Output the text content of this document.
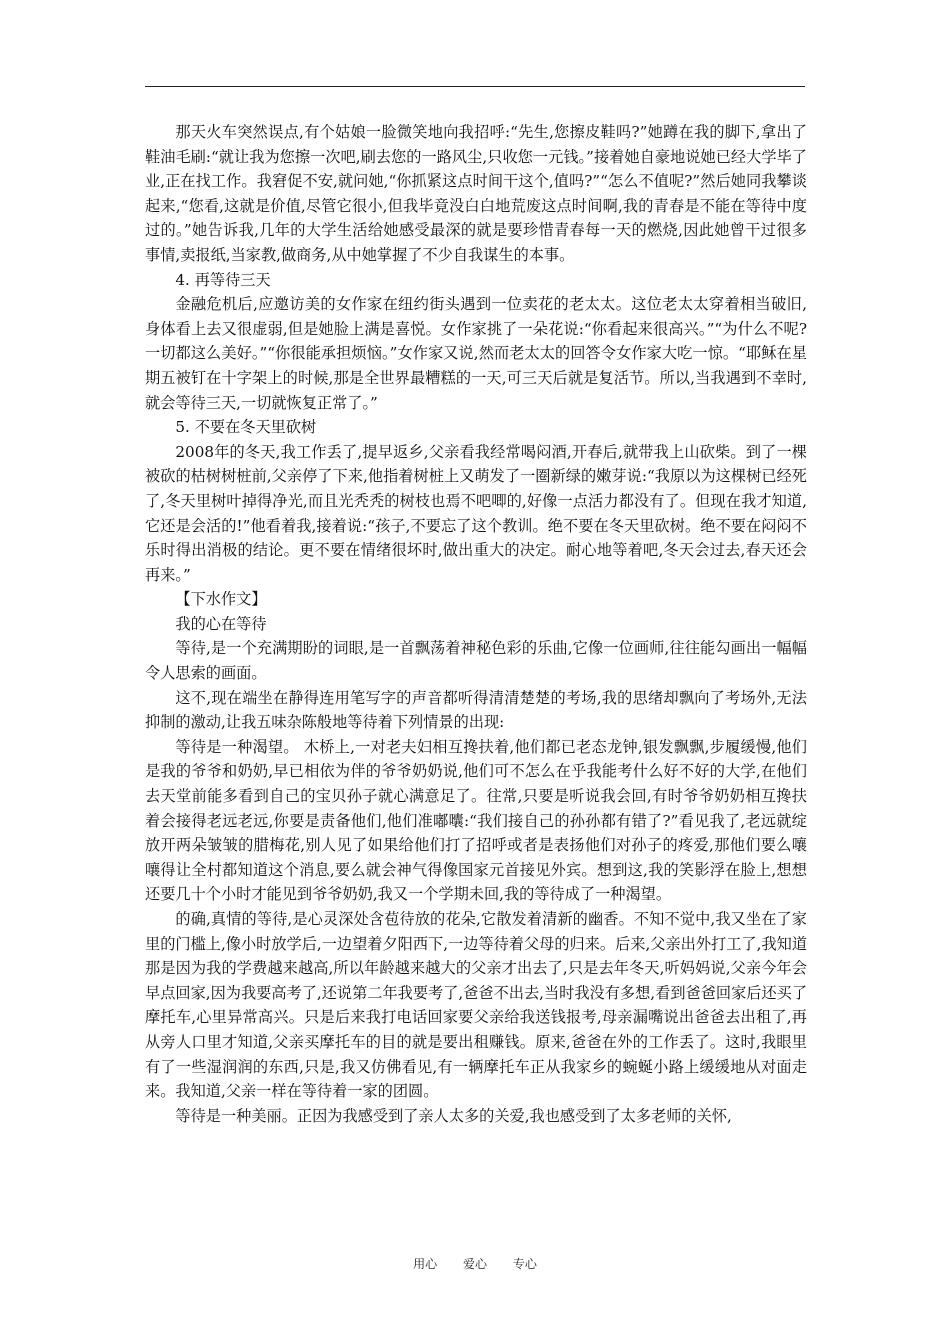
那天火车突然误点,有个姑娘一脸微笑地向我招呼:“先生,您擦皮鞋吗?”她蹲在我的脚下,拿出了鞋油毛刷:“就让我为您擦一次吧,刷去您的一路风尘,只收您一元钱。”接着她自豪地说她已经大学毕了业,正在找工作。我窘促不安,就问她,“你抓紧这点时间干这个,值吗?”“怎么不值呢?”然后她同我攀谈起来,“您看,这就是价值,尽管它很小,但我毕竟没白白地荒废这点时间啊,我的青春是不能在等待中度过的。”她告诉我,几年的大学生活给她感受最深的就是要珍惜青春每一天的燃烧,因此她曾干过很多事情,卖报纸,当家教,做商务,从中她掌握了不少自我谋生的本事。

4. 再等待三天

金融危机后,应邀访美的女作家在纽约街头遇到一位卖花的老太太。这位老太太穿着相当破旧,身体看上去又很虚弱,但是她脸上满是喜悦。女作家挑了一朵花说:“你看起来很高兴。”“为什么不呢?一切都这么美好。”“你很能承担烦恼。”女作家又说,然而老太太的回答令女作家大吃一惊。“耶稣在星期五被钉在十字架上的时候,那是全世界最糟糕的一天,可三天后就是复活节。所以,当我遇到不幸时,就会等待三天,一切就恢复正常了。”

5. 不要在冬天里砍树

2008年的冬天,我工作丢了,提早返乡,父亲看我经常喝闷酒,开春后,就带我上山砍柴。到了一棵被砍的枯树树桩前,父亲停了下来,他指着树桩上又萌发了一圈新绿的嫩芽说:“我原以为这棵树已经死了,冬天里树叶掉得净光,而且光秃秃的树枝也焉不吧唧的,好像一点活力都没有了。但现在我才知道,它还是会活的!”他看着我,接着说:“孩子,不要忘了这个教训。绝不要在冬天里砍树。绝不要在闷闷不乐时得出消极的结论。更不要在情绪很坏时,做出重大的决定。耐心地等着吧,冬天会过去,春天还会再来。”

【下水作文】

我的心在等待

等待,是一个充满期盼的词眼,是一首飘荡着神秘色彩的乐曲,它像一位画师,往往能勾画出一幅幅令人思索的画面。

这不,现在端坐在静得连用笔写字的声音都听得清清楚楚的考场,我的思绪却飘向了考场外,无法抑制的激动,让我五味杂陈般地等待着下列情景的出现:

等待是一种渴望。 木桥上,一对老夫妇相互搀扶着,他们都已老态龙钟,银发飘飘,步履缓慢,他们是我的爷爷和奶奶,早已相依为伴的爷爷奶奶说,他们可不怎么在乎我能考什么好不好的大学,在他们去天堂前能多看到自己的宝贝孙子就心满意足了。往常,只要是听说我会回,有时爷爷奶奶相互搀扶着会接得老远老远,你要是责备他们,他们准嘟囔:“我们接自己的孙孙都有错了?”看见我了,老远就绽放开两朵皱皱的腊梅花,别人见了如果给他们打了招呼或者是表扬他们对孙子的疼爱,那他们要么嚷嚷得让全村都知道这个消息,要么就会神气得像国家元首接见外宾。想到这,我的笑影浮在脸上,想想还要几十个小时才能见到爷爷奶奶,我又一个学期未回,我的等待成了一种渴望。

的确,真情的等待,是心灵深处含苞待放的花朵,它散发着清新的幽香。不知不觉中,我又坐在了家里的门槛上,像小时放学后,一边望着夕阳西下,一边等待着父母的归来。后来,父亲出外打工了,我知道那是因为我的学费越来越高,所以年龄越来越大的父亲才出去了,只是去年冬天,听妈妈说,父亲今年会早点回家,因为我要高考了,还说第二年我要考了,爸爸不出去,当时我没有多想,看到爸爸回家后还买了摩托车,心里异常高兴。只是后来我打电话回家要父亲给我送钱报考,母亲漏嘴说出爸爸去出租了,再从旁人口里才知道,父亲买摩托车的目的就是要出租赚钱。原来,爸爸在外的工作丢了。这时,我眼里有了一些湿润润的东西,只是,我又仿佛看见,有一辆摩托车正从我家乡的蜿蜒小路上缓缓地从对面走来。我知道,父亲一样在等待着一家的团圆。

等待是一种美丽。正因为我感受到了亲人太多的关爱,我也感受到了太多老师的关怀,

用心 爱心 专心
